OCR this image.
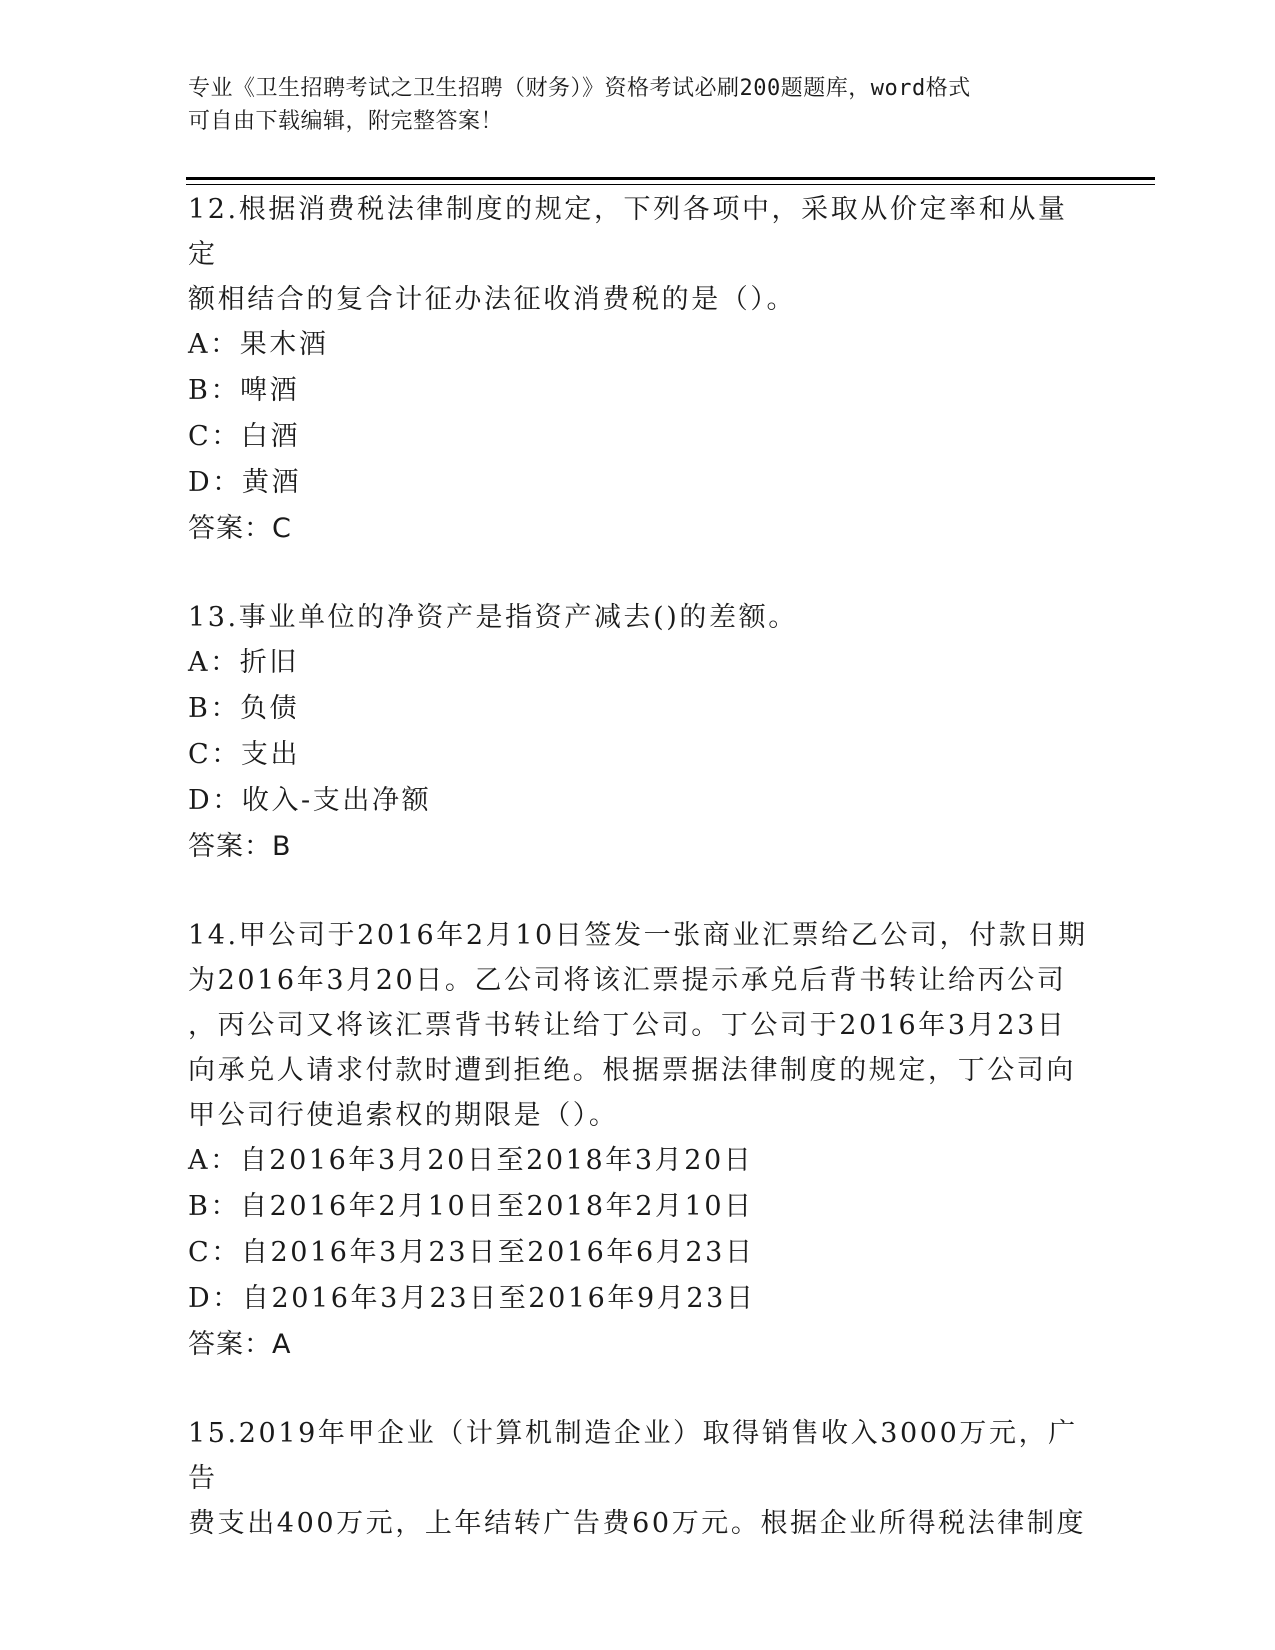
专业《卫生招聘考试之卫生招聘（财务）》资格考试必刷200题题库，word格式
可自由下载编辑，附完整答案！
12.根据消费税法律制度的规定，下列各项中，采取从价定率和从量定
额相结合的复合计征办法征收消费税的是（）。
A：果木酒
B：啤酒
C：白酒
D：黄酒
答案：C
13.事业单位的净资产是指资产减去()的差额。
A：折旧
B：负债
C：支出
D：收入-支出净额
答案：B
14.甲公司于2016年2月10日签发一张商业汇票给乙公司，付款日期
为2016年3月20日。乙公司将该汇票提示承兑后背书转让给丙公司
，丙公司又将该汇票背书转让给丁公司。丁公司于2016年3月23日
向承兑人请求付款时遭到拒绝。根据票据法律制度的规定，丁公司向
甲公司行使追索权的期限是（）。
A：自2016年3月20日至2018年3月20日
B：自2016年2月10日至2018年2月10日
C：自2016年3月23日至2016年6月23日
D：自2016年3月23日至2016年9月23日
答案：A
15.2019年甲企业（计算机制造企业）取得销售收入3000万元，广告
费支出400万元，上年结转广告费60万元。根据企业所得税法律制度
